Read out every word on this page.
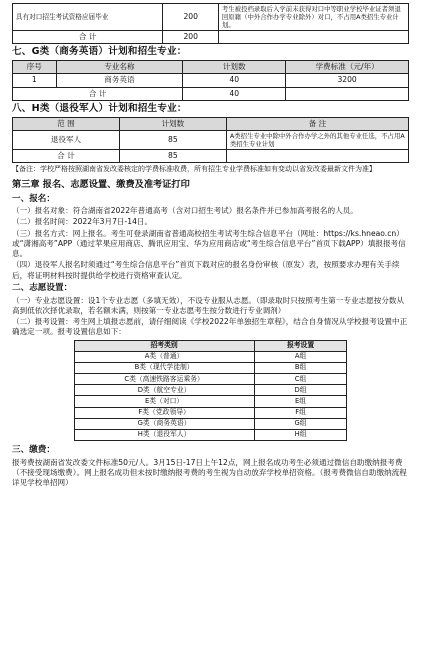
具有对口招生考试资格应届毕业	200	考生被投档录取后入学前未获得对口中等职业学校毕业证者须退回原籍（中外合作办学专业除外）对口，不占用A类招生专业计划。
合 计	200	
七、G类（商务英语）计划和招生专业：
序号	专业名称	计划数	学费标准（元/年）
1	商务英语	40	3200
合 计		40	
八、H类（退役军人）计划和招生专业：
范 围	计划数	备 注
退役军人	85	A类招生专业中除中外合作办学之外的其他专业任选，不占用A类招生专业计划
合 计	85	

【备注：学校严格按照湖南省发改委核定的学费标准收费，所有招生专业学费标准如有变动以省发改委最新文件为准】

第三章 报名、志愿设置、缴费及准考证打印
一、报名：

（一）报名对象：符合湖南省2022年普通高考（含对口招生考试）报名条件并已参加高考报名的人员。

（二）报名时间：2022年3月7日-14日。

（三）报名方式：网上报名。考生可登录湖南省普通高校招生考试考生综合信息平台（网址：https://ks.hneao.cn）或“潇湘高考”APP（通过苹果应用商店、腾讯应用宝、华为应用商店或“考生综合信息平台”首页下载APP）填报报考信息。

（四）退役军人报名时须通过“考生综合信息平台”首页下载对应的报名身份审核（原发）表，按照要求办理有关手续后，将证明材料按时提供给学校进行资格审查认定。

二、志愿设置：

（一）专业志愿设置：设1个专业志愿（多填无效），不设专业服从志愿。（即录取时只按照考生第一专业志愿按分数从高到低依次择优录取，若名额未满，则按第一专业志愿考生按分数进行专业调剂）

（二）报考设置：考生网上填报志愿前，请仔细阅读《学校2022年单独招生章程》，结合自身情况从学校报考设置中正确选定一项。报考设置信息如下：

招考类别	报考设置
A类（普通）	A组
B类（现代学徒制）	B组
C类（高速铁路客运乘务）	C组
D类（航空专业）	D组
E类（对口）	E组
F类（党政领导）	F组
G类（商务英语）	G组
H类（退役军人）	H组
三、缴费：

报考费按湖南省发改委文件标准50元/人。3月15日-17日上午12点，网上报名成功考生必须通过微信自助缴纳报考费（不接受现场缴费）。网上报名成功但未按时缴纳报考费的考生视为自动放弃学校单招资格。（报考费微信自助缴纳流程详见学校单招网）
